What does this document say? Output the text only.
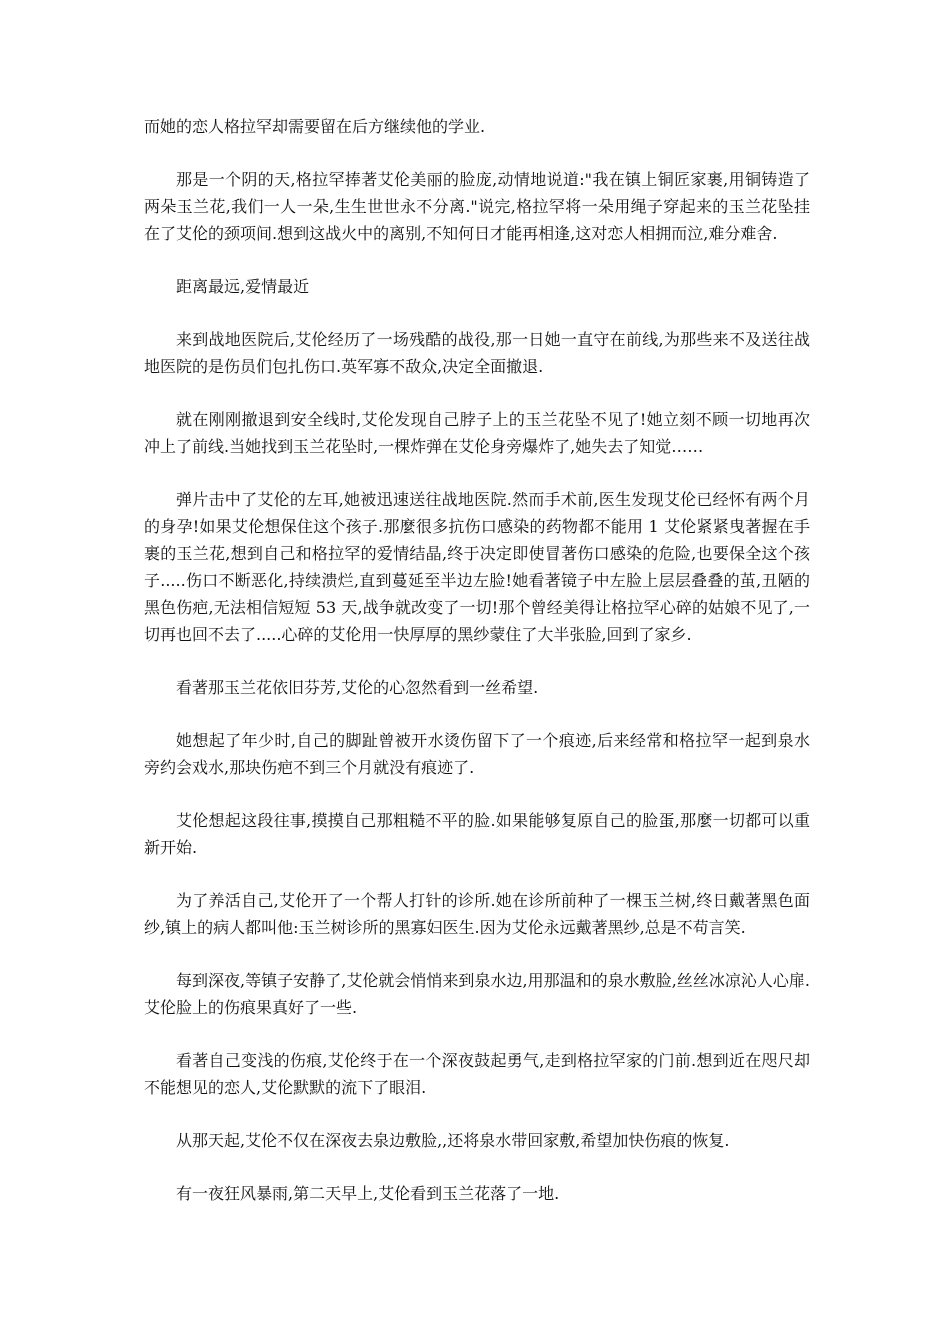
而她的恋人格拉罕却需要留在后方继续他的学业.

那是一个阴的天,格拉罕捧著艾伦美丽的脸庞,动情地说道:"我在镇上铜匠家裹,用铜铸造了两朵玉兰花,我们一人一朵,生生世世永不分离."说完,格拉罕将一朵用绳子穿起来的玉兰花坠挂在了艾伦的颈项间.想到这战火中的离别,不知何日才能再相逢,这对恋人相拥而泣,难分难舍.

距离最远,爱情最近

来到战地医院后,艾伦经历了一场残酷的战役,那一日她一直守在前线,为那些来不及送往战地医院的是伤员们包扎伤口.英军寡不敌众,决定全面撤退.

就在刚刚撤退到安全线时,艾伦发现自己脖子上的玉兰花坠不见了!她立刻不顾一切地再次冲上了前线.当她找到玉兰花坠时,一棵炸弹在艾伦身旁爆炸了,她失去了知觉……

弹片击中了艾伦的左耳,她被迅速送往战地医院.然而手术前,医生发现艾伦已经怀有两个月的身孕!如果艾伦想保住这个孩子.那麼很多抗伤口感染的药物都不能用 1 艾伦紧紧曳著握在手裹的玉兰花,想到自己和格拉罕的爱情结晶,终于决定即使冒著伤口感染的危险,也要保全这个孩子.....伤口不断恶化,持续溃烂,直到蔓延至半边左脸!她看著镜子中左脸上层层叠叠的茧,丑陋的黑色伤疤,无法相信短短 53 天,战争就改变了一切!那个曾经美得让格拉罕心碎的姑娘不见了,一切再也回不去了.....心碎的艾伦用一快厚厚的黑纱蒙住了大半张脸,回到了家乡.

看著那玉兰花依旧芬芳,艾伦的心忽然看到一丝希望.

她想起了年少时,自己的脚趾曾被开水烫伤留下了一个痕迹,后来经常和格拉罕一起到泉水旁约会戏水,那块伤疤不到三个月就没有痕迹了.

艾伦想起这段往事,摸摸自己那粗糙不平的脸.如果能够复原自己的脸蛋,那麼一切都可以重新开始.

为了养活自己,艾伦开了一个帮人打针的诊所.她在诊所前种了一棵玉兰树,终日戴著黑色面纱,镇上的病人都叫他:玉兰树诊所的黑寡妇医生.因为艾伦永远戴著黑纱,总是不苟言笑.

每到深夜,等镇子安静了,艾伦就会悄悄来到泉水边,用那温和的泉水敷脸,丝丝冰凉沁人心扉.艾伦脸上的伤痕果真好了一些.

看著自己变浅的伤痕,艾伦终于在一个深夜鼓起勇气,走到格拉罕家的门前.想到近在咫尺却不能想见的恋人,艾伦默默的流下了眼泪.

从那天起,艾伦不仅在深夜去泉边敷脸,,还将泉水带回家敷,希望加快伤痕的恢复.

有一夜狂风暴雨,第二天早上,艾伦看到玉兰花落了一地.
